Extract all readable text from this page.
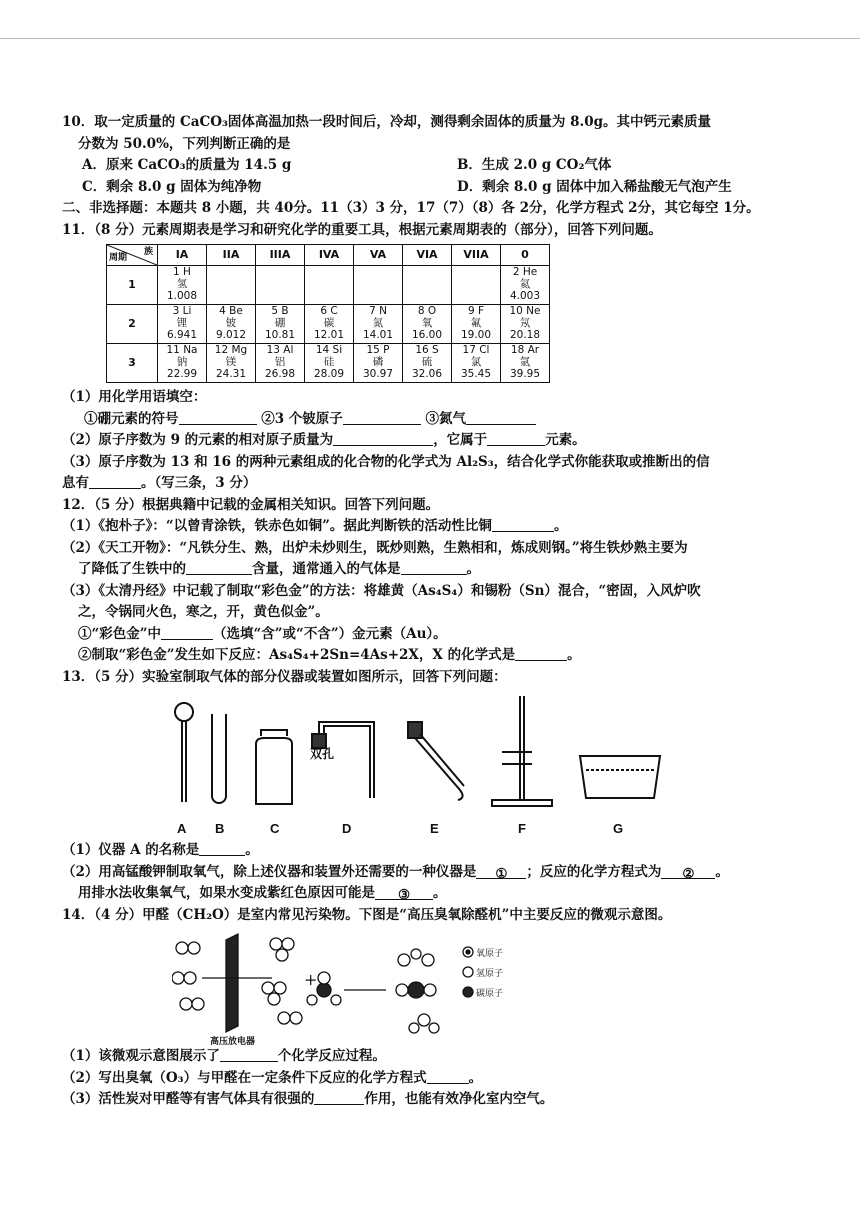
10．取一定质量的 CaCO₃固体高温加热一段时间后，冷却，测得剩余固体的质量为 8.0g。其中钙元素质量
分数为 50.0%，下列判断正确的是
A．原来 CaCO₃的质量为 14.5 g	B．生成 2.0 g CO₂气体
C．剩余 8.0 g 固体为纯净物	D．剩余 8.0 g 固体中加入稀盐酸无气泡产生
二、非选择题：本题共 8 小题，共 40分。11（3）3 分，17（7）（8）各 2分，化学方程式 2分，其它每空 1分。
11．（8 分）元素周期表是学习和研究化学的重要工具，根据元素周期表的（部分），回答下列问题。
族
周期	IA	IIA	IIIA	IVA	VA	VIA	VIIA	0
1	1 H
氢
1.008							2 He
氦
4.003

2	3 Li
锂
6.941	4 Be
铍
9.012	5 B
硼
10.81	6 C
碳
12.01	7 N
氮
14.01	8 O
氧
16.00	9 F
氟
19.00	10 Ne
氖
20.18

3	11 Na
钠
22.99	12 Mg
镁
24.31	13 Al
铝
26.98	14 Si
硅
28.09	15 P
磷
30.97	16 S
硫
32.06	17 Cl
氯
35.45	18 Ar
氩
39.95
（1）用化学用语填空：
①硼元素的符号	②3 个铍原子	③氮气
（2）原子序数为 9 的元素的相对原子质量为	，它属于	元素。
（3）原子序数为 13 和 16 的两种元素组成的化合物的化学式为 Al₂S₃，结合化学式你能获取或推断出的信
息有	。（写三条，3 分）
12．（5 分）根据典籍中记载的金属相关知识。回答下列问题。
（1）《抱朴子》：“以曾青涂铁，铁赤色如铜”。据此判断铁的活动性比铜	。
（2）《天工开物》：“凡铁分生、熟，出炉未炒则生，既炒则熟，生熟相和，炼成则钢。”将生铁炒熟主要为
了降低了生铁中的	含量，通常通入的气体是	。
（3）《太清丹经》中记载了制取“彩色金”的方法：将雄黄（As₄S₄）和锡粉（Sn）混合，“密固，入风炉吹
之，令锅同火色，寒之，开，黄色似金”。
①“彩色金”中	（选填“含”或“不含”）金元素（Au）。
②制取“彩色金”发生如下反应：As₄S₄+2Sn=4As+2X，X 的化学式是	。
13．（5 分）实验室制取气体的部分仪器或装置如图所示，回答下列问题：
双孔
A B	C	D	E	F	G
（1）仪器 A 的名称是	。
（2）用高锰酸钾制取氧气，除上述仪器和装置外还需要的一种仪器是 ① ；反应的化学方程式为 ② 。
用排水法收集氧气，如果水变成紫红色原因可能是 ③ 。
14．（4 分）甲醛（CH₂O）是室内常见污染物。下图是“高压臭氧除醛机”中主要反应的微观示意图。
+
高压放电器
氧原子
氢原子
碳原子
（1）该微观示意图展示了	个化学反应过程。
（2）写出臭氧（O₃）与甲醛在一定条件下反应的化学方程式	。
（3）活性炭对甲醛等有害气体具有很强的	作用，也能有效净化室内空气。
